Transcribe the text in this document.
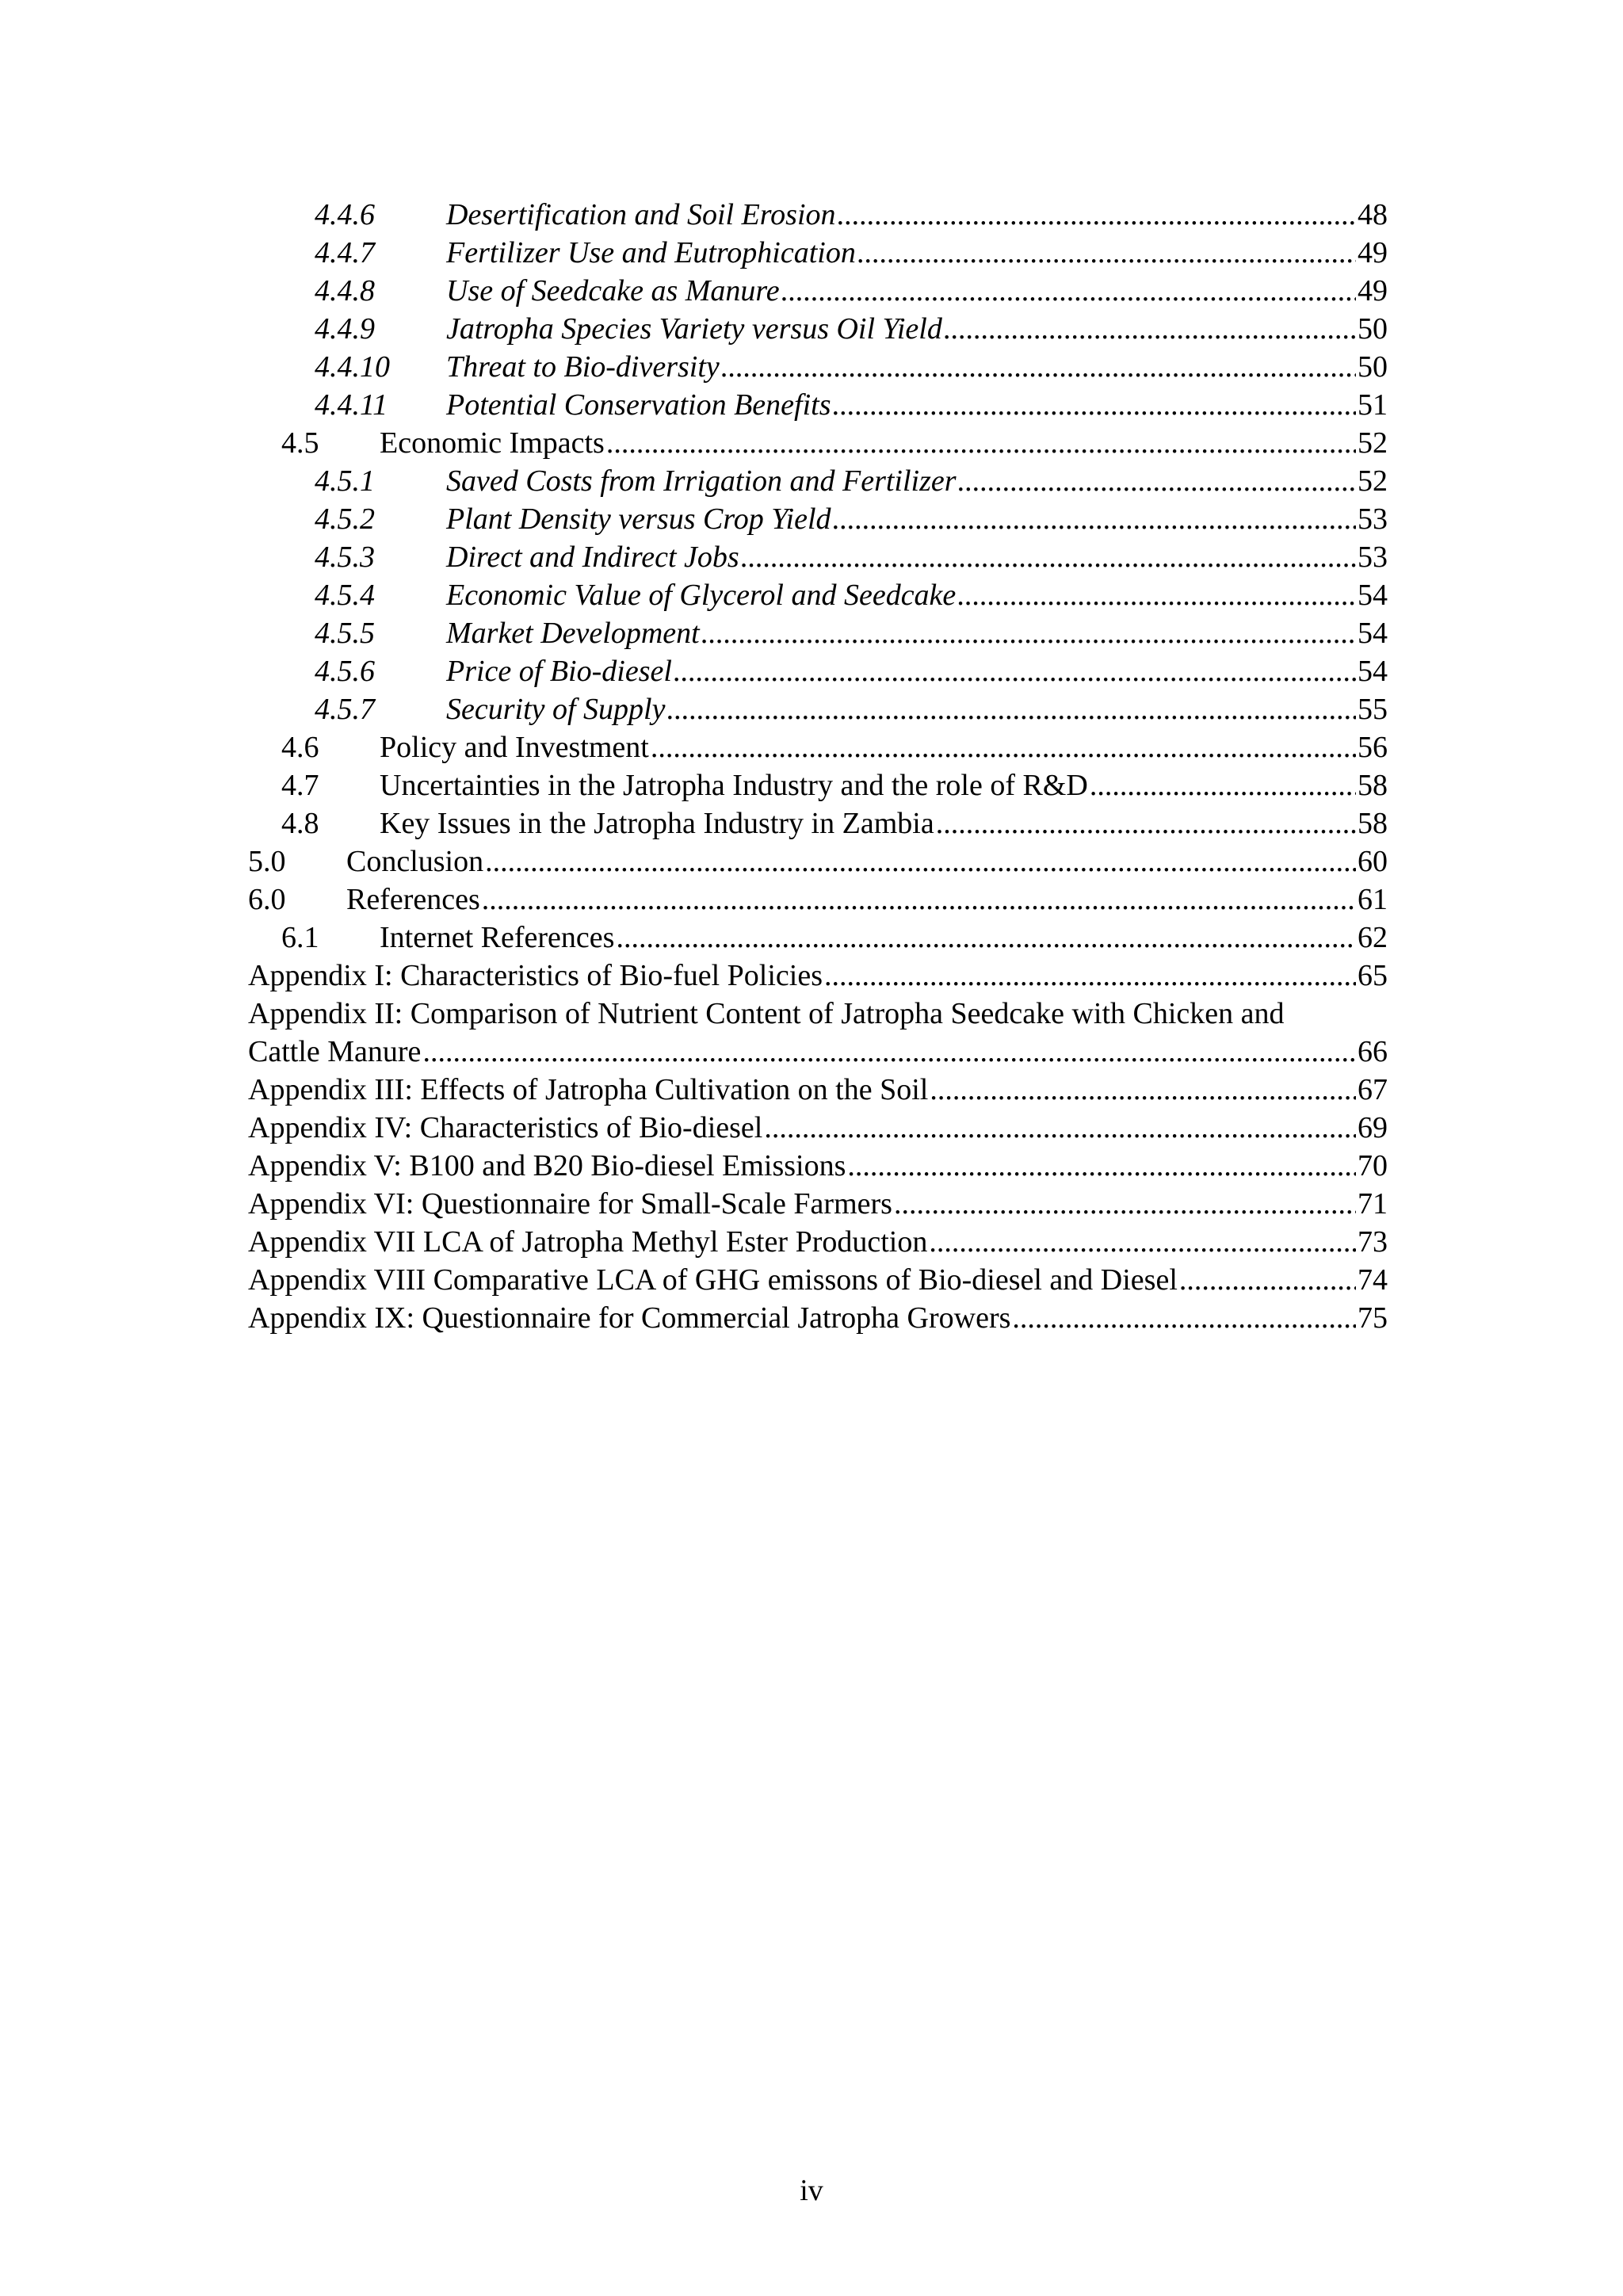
4.4.6	Desertification and Soil Erosion .....	48
4.4.7	Fertilizer Use and Eutrophication .....	49
4.4.8	Use of Seedcake as Manure .....	49
4.4.9	Jatropha Species Variety versus Oil Yield .....	50
4.4.10	Threat to Bio-diversity .....	50
4.4.11	Potential Conservation Benefits .....	51
4.5	Economic Impacts .....	52
4.5.1	Saved Costs from Irrigation and Fertilizer .....	52
4.5.2	Plant Density versus Crop Yield .....	53
4.5.3	Direct and Indirect Jobs .....	53
4.5.4	Economic Value of Glycerol and Seedcake .....	54
4.5.5	Market Development .....	54
4.5.6	Price of Bio-diesel .....	54
4.5.7	Security of Supply .....	55
4.6	Policy and Investment .....	56
4.7	Uncertainties in the Jatropha Industry and the role of R&D .....	58
4.8	Key Issues in the Jatropha Industry in Zambia .....	58
5.0	Conclusion .....	60
6.0	References .....	61
6.1	Internet References .....	62
Appendix I: Characteristics of Bio-fuel Policies .....	65
Appendix II: Comparison of Nutrient Content of Jatropha Seedcake with Chicken and
Cattle Manure .....	66
Appendix III: Effects of Jatropha Cultivation on the Soil .....	67
Appendix IV: Characteristics of Bio-diesel .....	69
Appendix V: B100 and B20 Bio-diesel Emissions .....	70
Appendix VI: Questionnaire for Small-Scale Farmers .....	71
Appendix VII LCA of Jatropha Methyl Ester Production .....	73
Appendix VIII Comparative LCA of GHG emissons of Bio-diesel and Diesel .....	74
Appendix IX: Questionnaire for Commercial Jatropha Growers .....	75
iv
